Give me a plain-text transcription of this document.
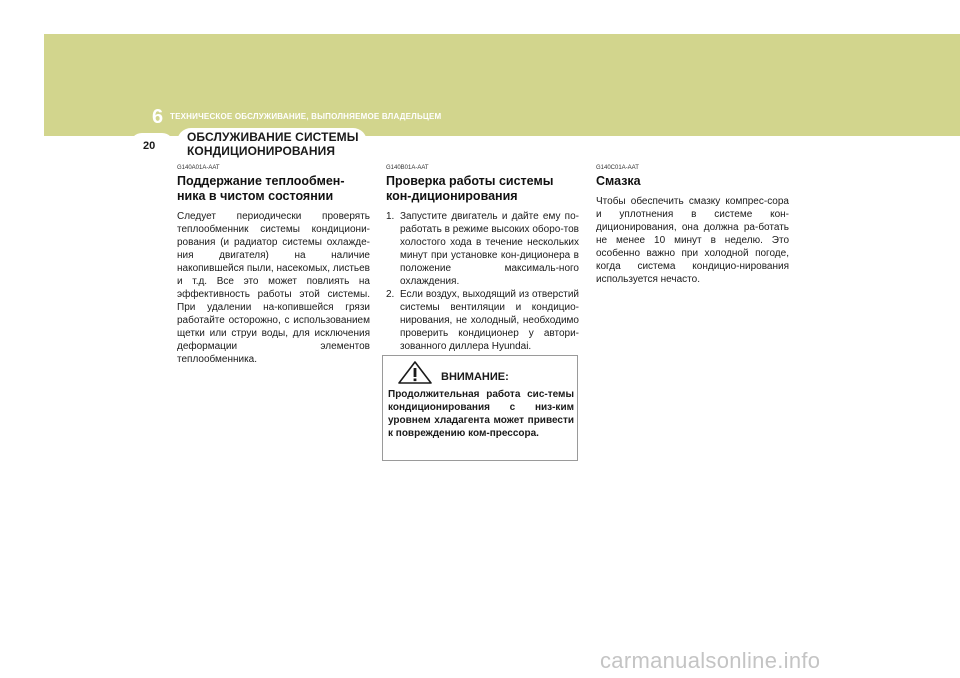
6 ТЕХНИЧЕСКОЕ ОБСЛУЖИВАНИЕ, ВЫПОЛНЯЕМОЕ ВЛАДЕЛЬЦЕМ
20
ОБСЛУЖИВАНИЕ СИСТЕМЫ
КОНДИЦИОНИРОВАНИЯ
G140A01A-AAT
Поддержание теплообмен-ника в чистом состоянии

Следует периодически проверять теплообменник системы кондициони-рования (и радиатор системы охлажде-ния двигателя) на наличие накопившейся пыли, насекомых, листьев и т.д. Все это может повлиять на эффективность работы этой системы. При удалении на-копившейся грязи работайте осторожно, с использованием щетки или струи воды, для исключения деформации элементов теплообменника.

G140B01A-AAT
Проверка работы системы кон-диционирования
1. Запустите двигатель и дайте ему по-работать в режиме высоких оборо-тов холостого хода в течение нескольких минут при установке кон-диционера в положение максималь-ного охлаждения.
2. Если воздух, выходящий из отверстий системы вентиляции и кондицио-нирования, не холодный, необходимо проверить кондиционер у автори-зованного диллера Hyundai.
ВНИМАНИЕ:

Продолжительная работа сис-темы кондиционирования с низ-ким уровнем хладагента может привести к повреждению ком-прессора.

G140C01A-AAT
Смазка

Чтобы обеспечить смазку компрес-сора и уплотнения в системе кон-диционирования, она должна ра-ботать не менее 10 минут в неделю. Это особенно важно при холодной погоде, когда система кондицио-нирования используется нечасто.

carmanualsonline.info
